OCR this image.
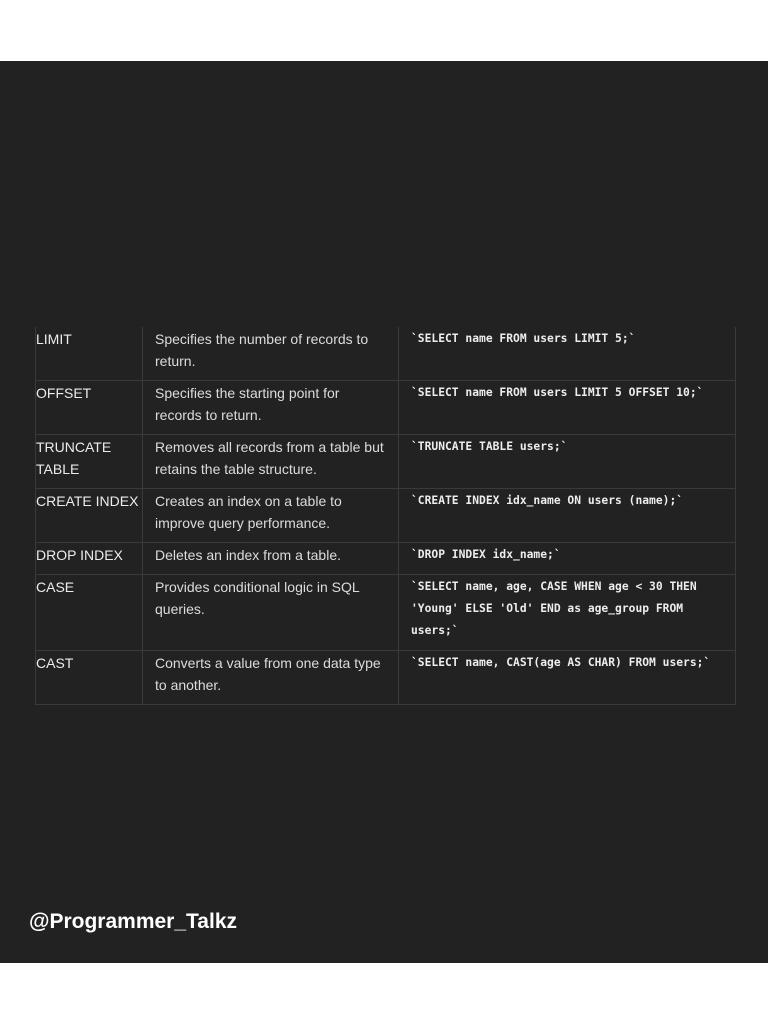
LIMIT	Specifies the number of records to return.	`SELECT name FROM users LIMIT 5;`

OFFSET	Specifies the starting point for records to return.	`SELECT name FROM users LIMIT 5 OFFSET 10;`

TRUNCATE TABLE	Removes all records from a table but retains the table structure.	`TRUNCATE TABLE users;`

CREATE INDEX	Creates an index on a table to improve query performance.	`CREATE INDEX idx_name ON users (name);`

DROP INDEX	Deletes an index from a table.	`DROP INDEX idx_name;`

CASE	Provides conditional logic in SQL queries.	`SELECT name, age, CASE WHEN age < 30 THEN 'Young' ELSE 'Old' END as age_group FROM users;`

CAST	Converts a value from one data type to another.	`SELECT name, CAST(age AS CHAR) FROM users;`
@Programmer_Talkz
